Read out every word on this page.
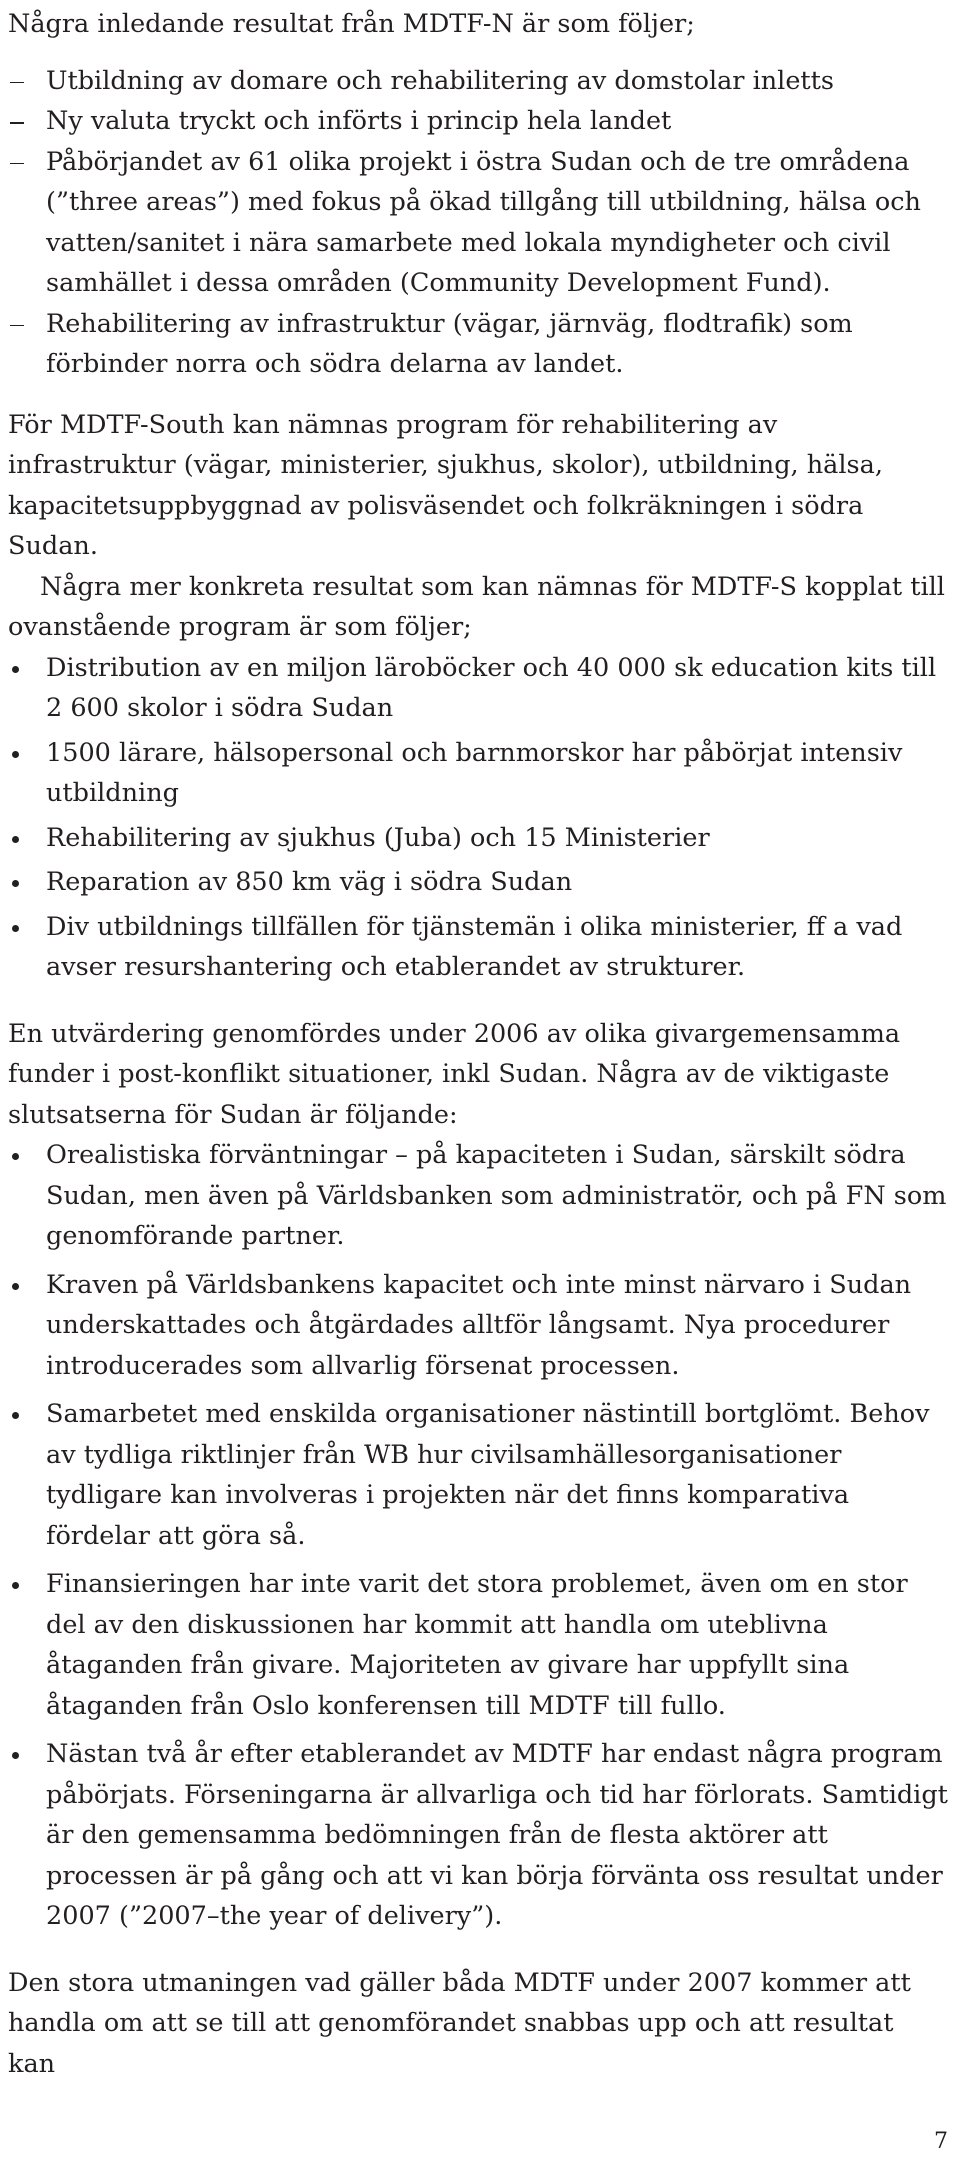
Några inledande resultat från MDTF-N är som följer;

Utbildning av domare och rehabilitering av domstolar inletts
Ny valuta tryckt och införts i princip hela landet
Påbörjandet av 61 olika projekt i östra Sudan och de tre områdena (”three areas”) med fokus på ökad tillgång till utbildning, hälsa och vatten/sanitet i nära samarbete med lokala myndigheter och civil samhället i dessa områden (Community Development Fund).
Rehabilitering av infrastruktur (vägar, järnväg, flodtrafik) som förbinder norra och södra delarna av landet.

För MDTF-South kan nämnas program för rehabilitering av infrastruktur (vägar, ministerier, sjukhus, skolor), utbildning, hälsa, kapacitetsuppbyggnad av polisväsendet och folkräkningen i södra Sudan.

Några mer konkreta resultat som kan nämnas för MDTF-S kopplat till ovanstående program är som följer;

Distribution av en miljon läroböcker och 40 000 sk education kits till 2 600 skolor i södra Sudan
1500 lärare, hälsopersonal och barnmorskor har påbörjat intensiv utbildning
Rehabilitering av sjukhus (Juba) och 15 Ministerier
Reparation av 850 km väg i södra Sudan
Div utbildnings tillfällen för tjänstemän i olika ministerier, ff a vad avser resurshantering och etablerandet av strukturer.

En utvärdering genomfördes under 2006 av olika givargemensamma funder i post-konflikt situationer, inkl Sudan. Några av de viktigaste slutsatserna för Sudan är följande:

Orealistiska förväntningar – på kapaciteten i Sudan, särskilt södra Sudan, men även på Världsbanken som administratör, och på FN som genomförande partner.
Kraven på Världsbankens kapacitet och inte minst närvaro i Sudan underskattades och åtgärdades alltför långsamt. Nya procedurer introducerades som allvarlig försenat processen.
Samarbetet med enskilda organisationer nästintill bortglömt. Behov av tydliga riktlinjer från WB hur civilsamhällesorganisationer tydligare kan involveras i projekten när det finns komparativa fördelar att göra så.
Finansieringen har inte varit det stora problemet, även om en stor del av den diskussionen har kommit att handla om uteblivna åtaganden från givare. Majoriteten av givare har uppfyllt sina åtaganden från Oslo konferensen till MDTF till fullo.
Nästan två år efter etablerandet av MDTF har endast några program påbörjats. Förseningarna är allvarliga och tid har förlorats. Samtidigt är den gemensamma bedömningen från de flesta aktörer att processen är på gång och att vi kan börja förvänta oss resultat under 2007 (”2007–the year of delivery”).

Den stora utmaningen vad gäller båda MDTF under 2007 kommer att handla om att se till att genomförandet snabbas upp och att resultat kan

7
